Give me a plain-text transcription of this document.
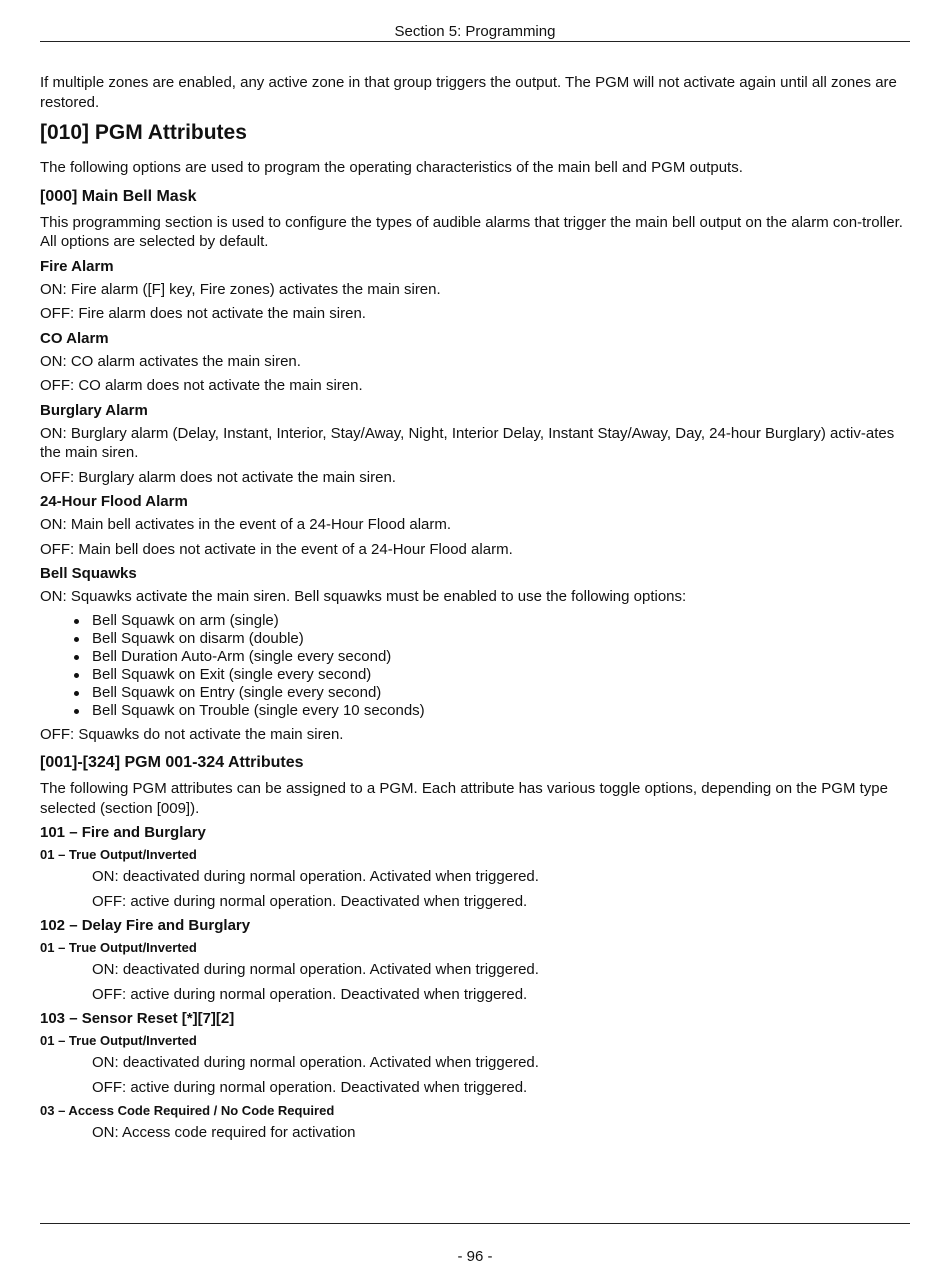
Section 5: Programming

If multiple zones are enabled, any active zone in that group triggers the output. The PGM will not activate again until all zones are restored.

[010] PGM Attributes

The following options are used to program the operating characteristics of the main bell and PGM outputs.

[000] Main Bell Mask

This programming section is used to configure the types of audible alarms that trigger the main bell output on the alarm con-troller. All options are selected by default.

Fire Alarm

ON: Fire alarm ([F] key, Fire zones) activates the main siren.

OFF: Fire alarm does not activate the main siren.

CO Alarm

ON: CO alarm activates the main siren.

OFF: CO alarm does not activate the main siren.

Burglary Alarm

ON: Burglary alarm (Delay, Instant, Interior, Stay/Away, Night, Interior Delay, Instant Stay/Away, Day, 24-hour Burglary) activ-ates the main siren.

OFF: Burglary alarm does not activate the main siren.

24-Hour Flood Alarm

ON: Main bell activates in the event of a 24-Hour Flood alarm.

OFF: Main bell does not activate in the event of a 24-Hour Flood alarm.

Bell Squawks

ON: Squawks activate the main siren. Bell squawks must be enabled to use the following options:

Bell Squawk on arm (single)
Bell Squawk on disarm (double)
Bell Duration Auto-Arm (single every second)
Bell Squawk on Exit (single every second)
Bell Squawk on Entry (single every second)
Bell Squawk on Trouble (single every 10 seconds)

OFF: Squawks do not activate the main siren.

[001]-[324] PGM 001-324 Attributes

The following PGM attributes can be assigned to a PGM. Each attribute has various toggle options, depending on the PGM type selected (section [009]).

101 – Fire and Burglary
01 – True Output/Inverted

ON: deactivated during normal operation. Activated when triggered.

OFF: active during normal operation. Deactivated when triggered.

102 – Delay Fire and Burglary
01 – True Output/Inverted

ON: deactivated during normal operation. Activated when triggered.

OFF: active during normal operation. Deactivated when triggered.

103 – Sensor Reset [*][7][2]
01 – True Output/Inverted

ON: deactivated during normal operation. Activated when triggered.

OFF: active during normal operation. Deactivated when triggered.

03 – Access Code Required / No Code Required

ON: Access code required for activation

- 96 -
